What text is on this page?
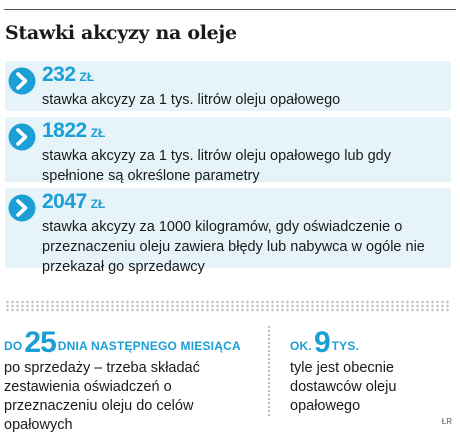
Stawki akcyzy na oleje
232 ZŁ
stawka akcyzy za 1 tys. litrów oleju opałowego
1822 ZŁ
stawka akcyzy za 1 tys. litrów oleju opałowego lub gdy spełnione są określone parametry
2047 ZŁ
stawka akcyzy za 1000 kilogramów, gdy oświadczenie o przeznaczeniu oleju zawiera błędy lub nabywca w ogóle nie przekazał go sprzedawcy
DO25 DNIA NASTĘPNEGO MIESIĄCA
po sprzedaży – trzeba składać zestawienia oświadczeń o przeznaczeniu oleju do celów opałowych
OK.9 TYS.
tyle jest obecnie dostawców oleju opałowego
ŁR
